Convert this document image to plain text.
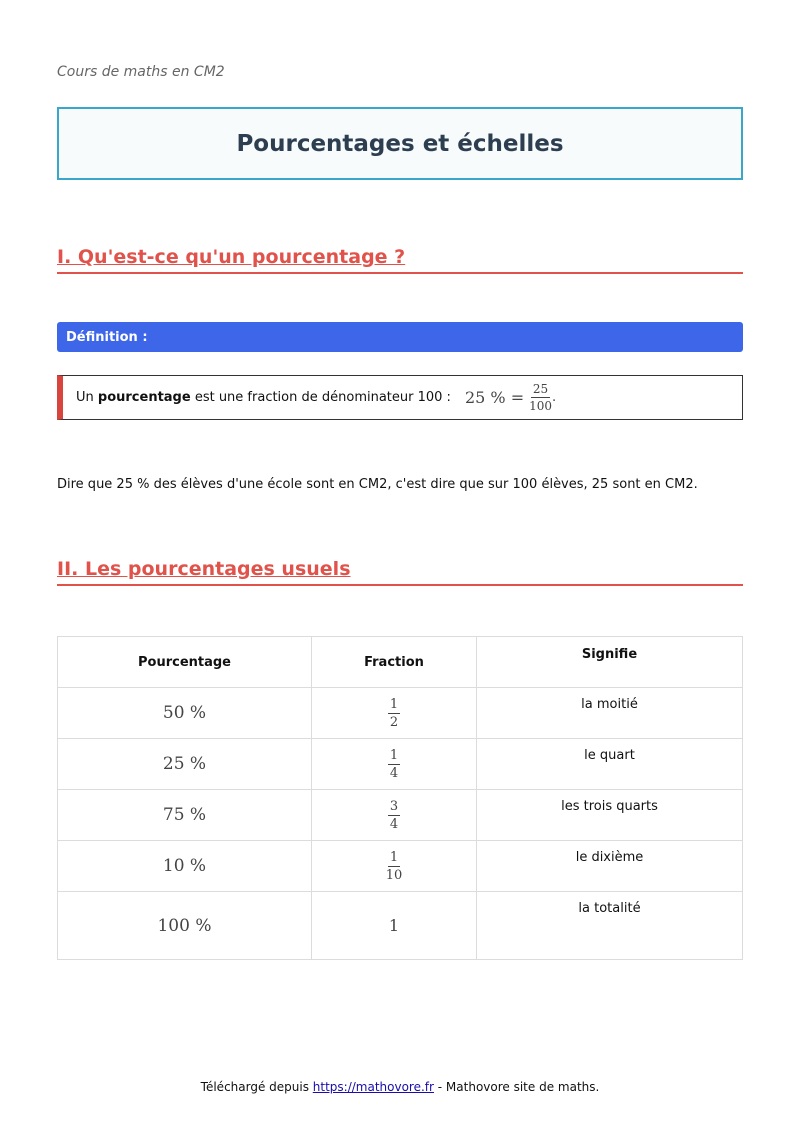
Cours de maths en CM2
Pourcentages et échelles
I. Qu'est-ce qu'un pourcentage ?
Définition :
Un pourcentage est une fraction de dénominateur 100 : 25 % = $\frac{25}{100}$ .
Dire que 25 % des élèves d'une école sont en CM2, c'est dire que sur 100 élèves, 25 sont en CM2.
II. Les pourcentages usuels
Pourcentage	Fraction	Signifie
50 %	$\frac{1}{2}$	la moitié
25 %	$\frac{1}{4}$	le quart
75 %	$\frac{3}{4}$	les trois quarts
10 %	$\frac{1}{10}$	le dixième
100 %	1	la totalité
Téléchargé depuis https://mathovore.fr - Mathovore site de maths.
